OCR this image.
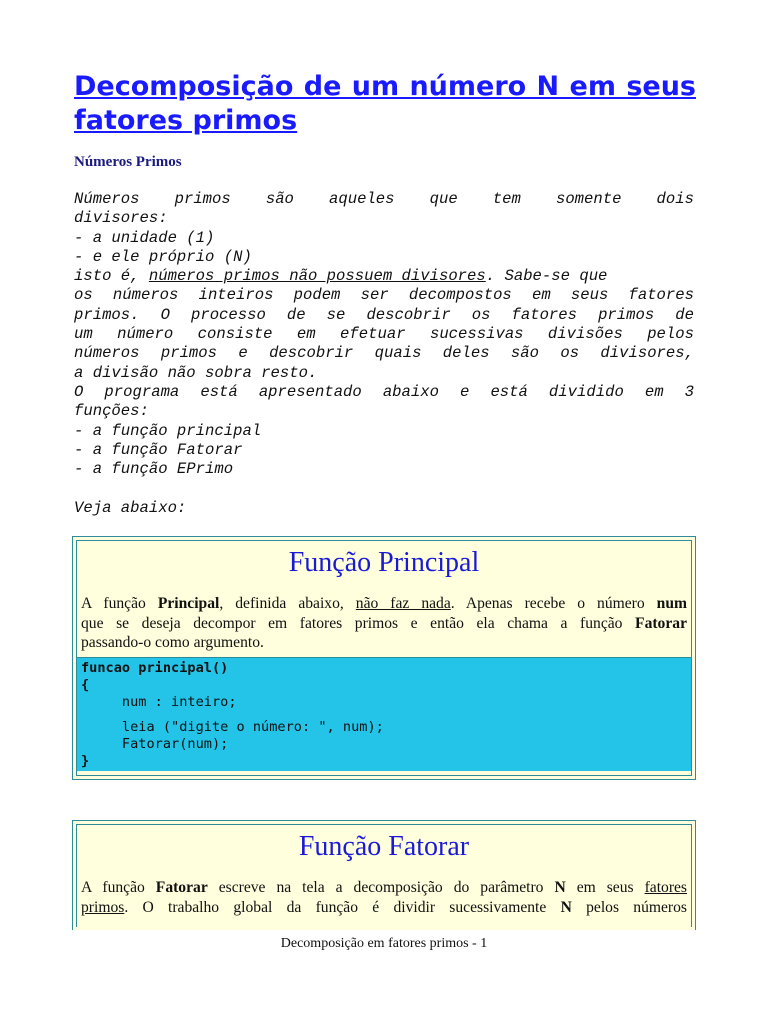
Decomposição de um número N em seus fatores primos
Números Primos
Números primos são aqueles que tem somente dois
divisores:
- a unidade (1)
- e ele próprio (N)
isto é, números primos não possuem divisores. Sabe-se que
os números inteiros podem ser decompostos em seus fatores
primos. O processo de se descobrir os fatores primos de
um número consiste em efetuar sucessivas divisões pelos
números primos e descobrir quais deles são os divisores,
a divisão não sobra resto.
O programa está apresentado abaixo e está dividido em 3
funções:
- a função principal
- a função Fatorar
- a função EPrimo
Veja abaixo:
Função Principal
A função Principal, definida abaixo, não faz nada. Apenas recebe o número num
que se deseja decompor em fatores primos e então ela chama a função Fatorar
passando-o como argumento.
funcao principal()
{
num : inteiro;
leia ("digite o número: ", num);
Fatorar(num);
}
Função Fatorar
A função Fatorar escreve na tela a decomposição do parâmetro N em seus fatores
primos. O trabalho global da função é dividir sucessivamente N pelos números
Decomposição em fatores primos - 1
